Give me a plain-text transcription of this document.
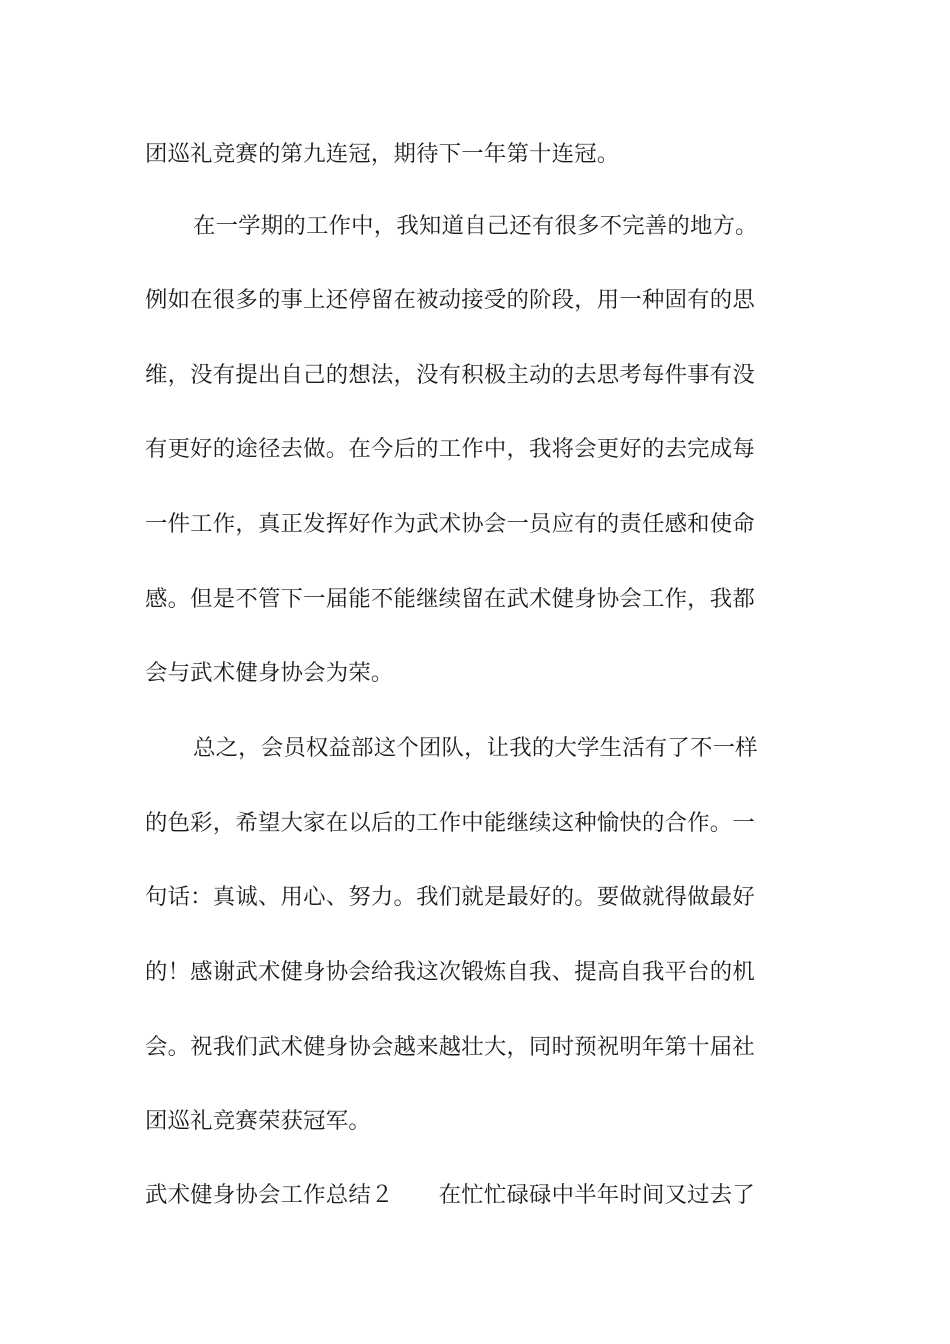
团巡礼竞赛的第九连冠，期待下一年第十连冠。
在一学期的工作中，我知道自己还有很多不完善的地方。
例如在很多的事上还停留在被动接受的阶段，用一种固有的思
维，没有提出自己的想法，没有积极主动的去思考每件事有没
有更好的途径去做。在今后的工作中，我将会更好的去完成每
一件工作，真正发挥好作为武术协会一员应有的责任感和使命
感。但是不管下一届能不能继续留在武术健身协会工作，我都
会与武术健身协会为荣。
总之，会员权益部这个团队，让我的大学生活有了不一样
的色彩，希望大家在以后的工作中能继续这种愉快的合作。一
句话：真诚、用心、努力。我们就是最好的。要做就得做最好
的！感谢武术健身协会给我这次锻炼自我、提高自我平台的机
会。祝我们武术健身协会越来越壮大，同时预祝明年第十届社
团巡礼竞赛荣获冠军。
武术健身协会工作总结２　　在忙忙碌碌中半年时间又过去了
